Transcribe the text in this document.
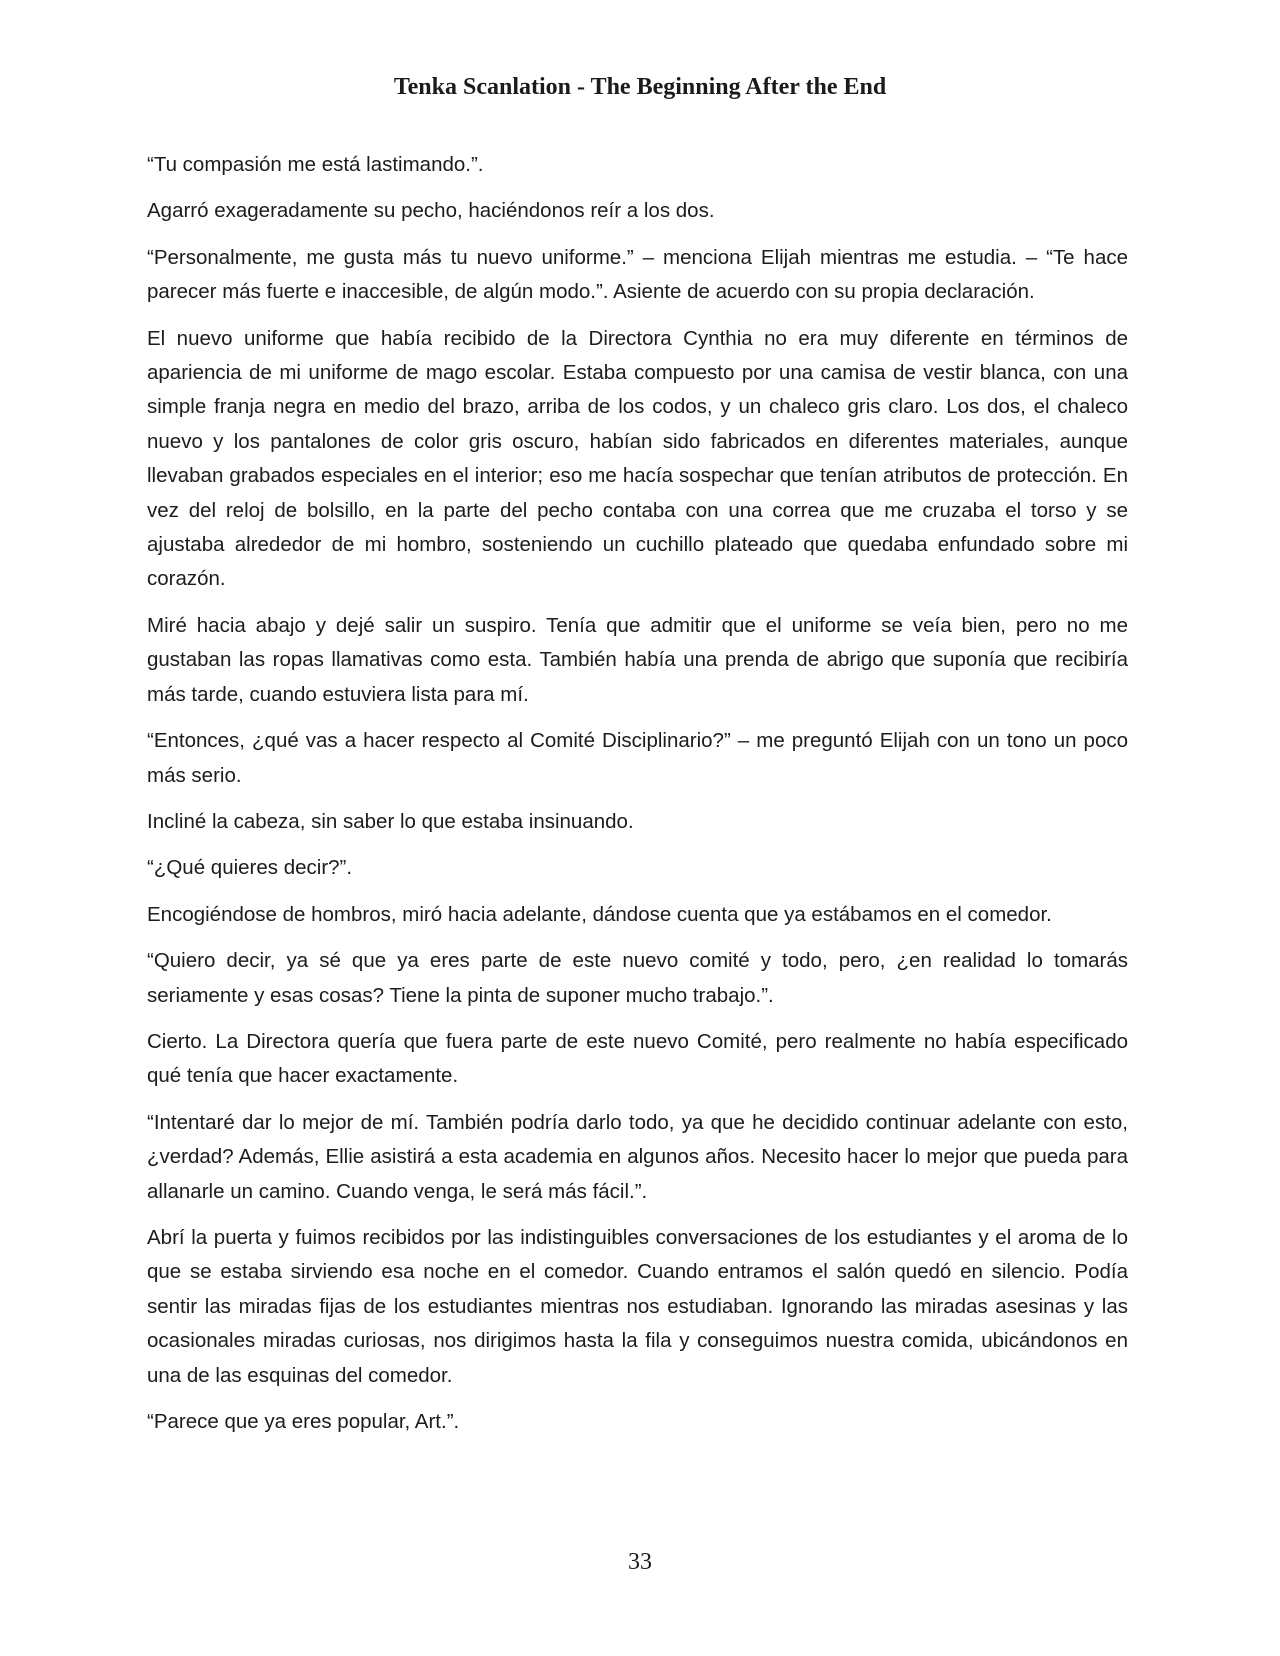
Tenka Scanlation - The Beginning After the End

“Tu compasión me está lastimando.”.

Agarró exageradamente su pecho, haciéndonos reír a los dos.

“Personalmente, me gusta más tu nuevo uniforme.” – menciona Elijah mientras me estudia. – “Te hace parecer más fuerte e inaccesible, de algún modo.”. Asiente de acuerdo con su propia declaración.

El nuevo uniforme que había recibido de la Directora Cynthia no era muy diferente en términos de apariencia de mi uniforme de mago escolar. Estaba compuesto por una camisa de vestir blanca, con una simple franja negra en medio del brazo, arriba de los codos, y un chaleco gris claro. Los dos, el chaleco nuevo y los pantalones de color gris oscuro, habían sido fabricados en diferentes materiales, aunque llevaban grabados especiales en el interior; eso me hacía sospechar que tenían atributos de protección. En vez del reloj de bolsillo, en la parte del pecho contaba con una correa que me cruzaba el torso y se ajustaba alrededor de mi hombro, sosteniendo un cuchillo plateado que quedaba enfundado sobre mi corazón.

Miré hacia abajo y dejé salir un suspiro. Tenía que admitir que el uniforme se veía bien, pero no me gustaban las ropas llamativas como esta. También había una prenda de abrigo que suponía que recibiría más tarde, cuando estuviera lista para mí.

“Entonces, ¿qué vas a hacer respecto al Comité Disciplinario?” – me preguntó Elijah con un tono un poco más serio.

Incliné la cabeza, sin saber lo que estaba insinuando.

“¿Qué quieres decir?”.

Encogiéndose de hombros, miró hacia adelante, dándose cuenta que ya estábamos en el comedor.

“Quiero decir, ya sé que ya eres parte de este nuevo comité y todo, pero, ¿en realidad lo tomarás seriamente y esas cosas? Tiene la pinta de suponer mucho trabajo.”.

Cierto. La Directora quería que fuera parte de este nuevo Comité, pero realmente no había especificado qué tenía que hacer exactamente.

“Intentaré dar lo mejor de mí. También podría darlo todo, ya que he decidido continuar adelante con esto, ¿verdad? Además, Ellie asistirá a esta academia en algunos años. Necesito hacer lo mejor que pueda para allanarle un camino. Cuando venga, le será más fácil.”.

Abrí la puerta y fuimos recibidos por las indistinguibles conversaciones de los estudiantes y el aroma de lo que se estaba sirviendo esa noche en el comedor. Cuando entramos el salón quedó en silencio. Podía sentir las miradas fijas de los estudiantes mientras nos estudiaban. Ignorando las miradas asesinas y las ocasionales miradas curiosas, nos dirigimos hasta la fila y conseguimos nuestra comida, ubicándonos en una de las esquinas del comedor.

“Parece que ya eres popular, Art.”.

33
